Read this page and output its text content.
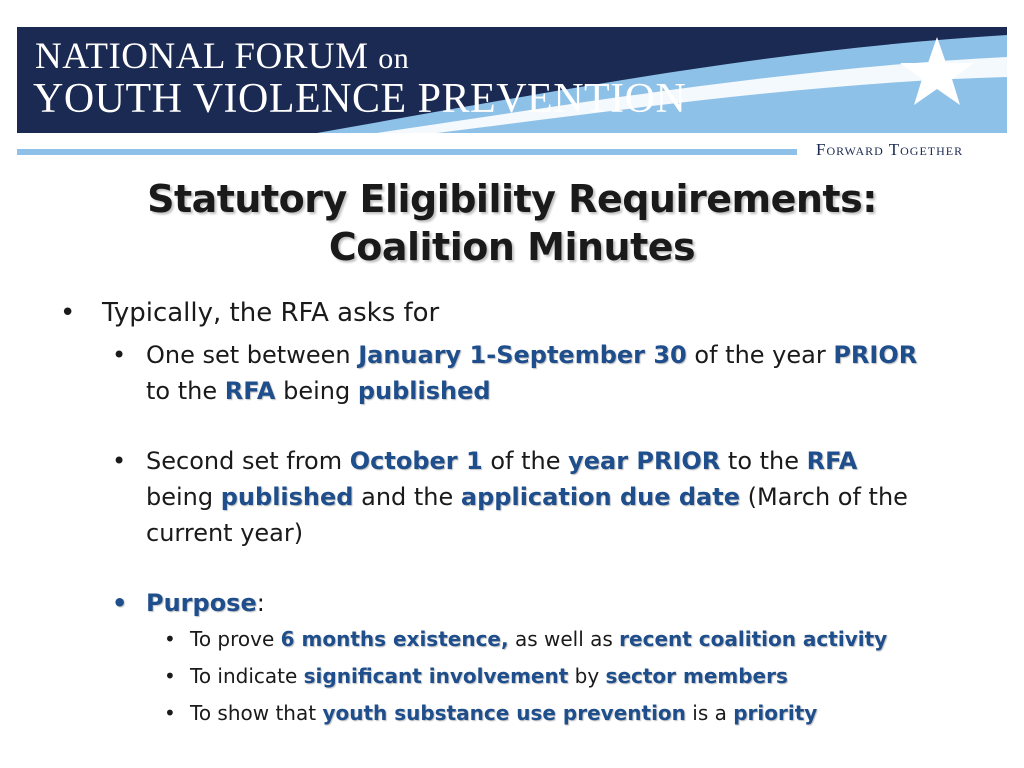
NATIONAL FORUM on
YOUTH VIOLENCE PREVENTION
Forward Together
Statutory Eligibility Requirements:
Coalition Minutes
• Typically, the RFA asks for
• One set between January 1-September 30 of the year PRIOR to the RFA being published
• Second set from October 1 of the year PRIOR to the RFA being published and the application due date (March of the current year)
• Purpose:
• To prove 6 months existence, as well as recent coalition activity
• To indicate significant involvement by sector members
• To show that youth substance use prevention is a priority
